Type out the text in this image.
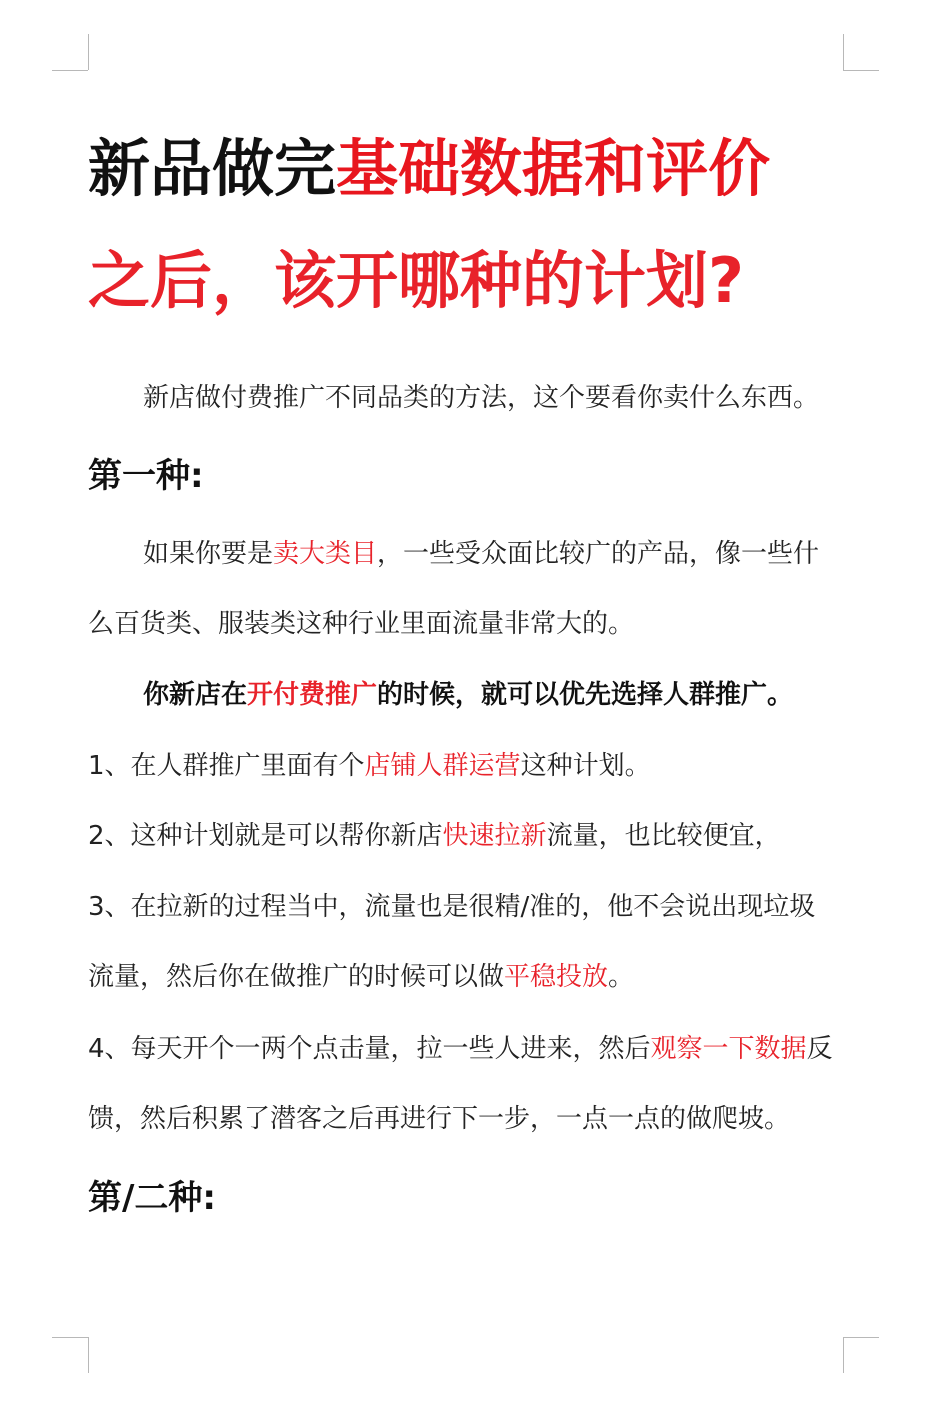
新品做完基础数据和评价
之后，该开哪种的计划?
新店做付费推广不同品类的方法，这个要看你卖什么东西。
第一种:
如果你要是卖大类目，一些受众面比较广的产品，像一些什
么百货类、服装类这种行业里面流量非常大的。
你新店在开付费推广的时候，就可以优先选择人群推广。
1、在人群推广里面有个店铺人群运营这种计划。
2、这种计划就是可以帮你新店快速拉新流量，也比较便宜，
3、在拉新的过程当中，流量也是很精/准的，他不会说出现垃圾
流量，然后你在做推广的时候可以做平稳投放。
4、每天开个一两个点击量，拉一些人进来，然后观察一下数据反
馈，然后积累了潜客之后再进行下一步，一点一点的做爬坡。
第/二种:
